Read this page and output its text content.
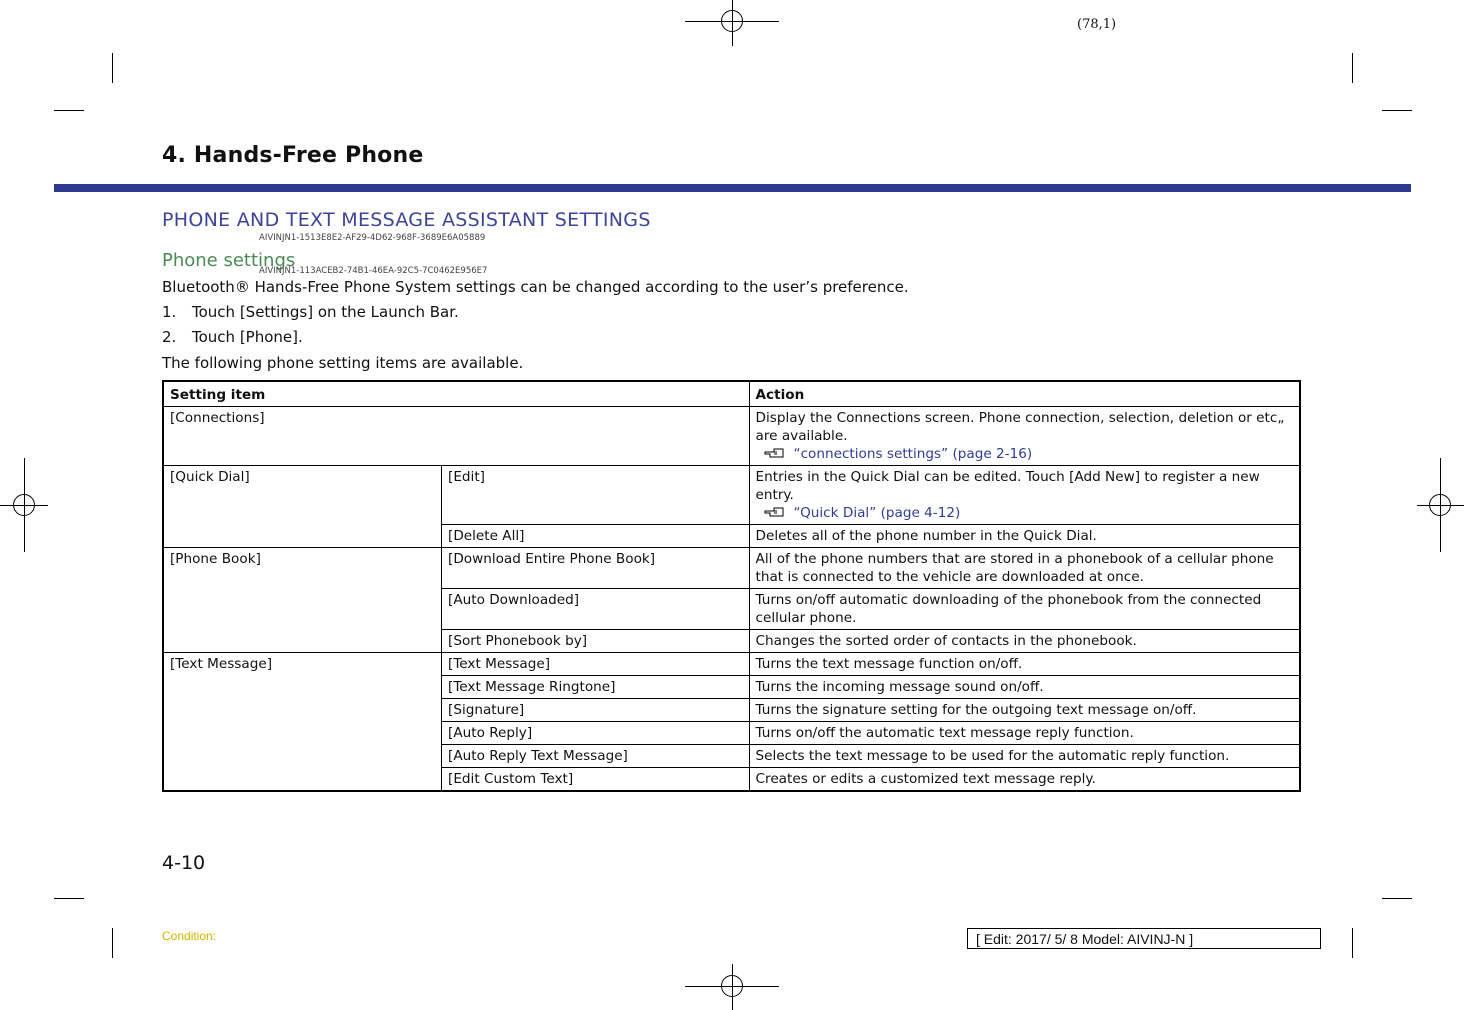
(78,1)
4. Hands-Free Phone
PHONE AND TEXT MESSAGE ASSISTANT SETTINGS
AIVINJN1-1513E8E2-AF29-4D62-968F-3689E6A05889
Phone settings
AIVINJN1-113ACEB2-74B1-46EA-92C5-7C0462E956E7
Bluetooth® Hands-Free Phone System settings can be changed according to the user’s preference.
1. Touch [Settings] on the Launch Bar.
2. Touch [Phone].
The following phone setting items are available.
Setting item		Action
[Connections]		Display the Connections screen. Phone connection, selection, deletion or etc„ are available.
“connections settings” (page 2-16)

[Quick Dial]	[Edit]	Entries in the Quick Dial can be edited. Touch [Add New] to register a new entry.
“Quick Dial” (page 4-12)

	[Delete All]	Deletes all of the phone number in the Quick Dial.
[Phone Book]	[Download Entire Phone Book]	All of the phone numbers that are stored in a phonebook of a cellular phone that is connected to the vehicle are downloaded at once.
	[Auto Downloaded]	Turns on/off automatic downloading of the phonebook from the connected cellular phone.
	[Sort Phonebook by]	Changes the sorted order of contacts in the phonebook.
[Text Message]	[Text Message]	Turns the text message function on/off.
	[Text Message Ringtone]	Turns the incoming message sound on/off.
	[Signature]	Turns the signature setting for the outgoing text message on/off.
	[Auto Reply]	Turns on/off the automatic text message reply function.
	[Auto Reply Text Message]	Selects the text message to be used for the automatic reply function.
	[Edit Custom Text]	Creates or edits a customized text message reply.
4-10
Condition:	[ Edit: 2017/ 5/ 8 Model: AIVINJ-N ]
